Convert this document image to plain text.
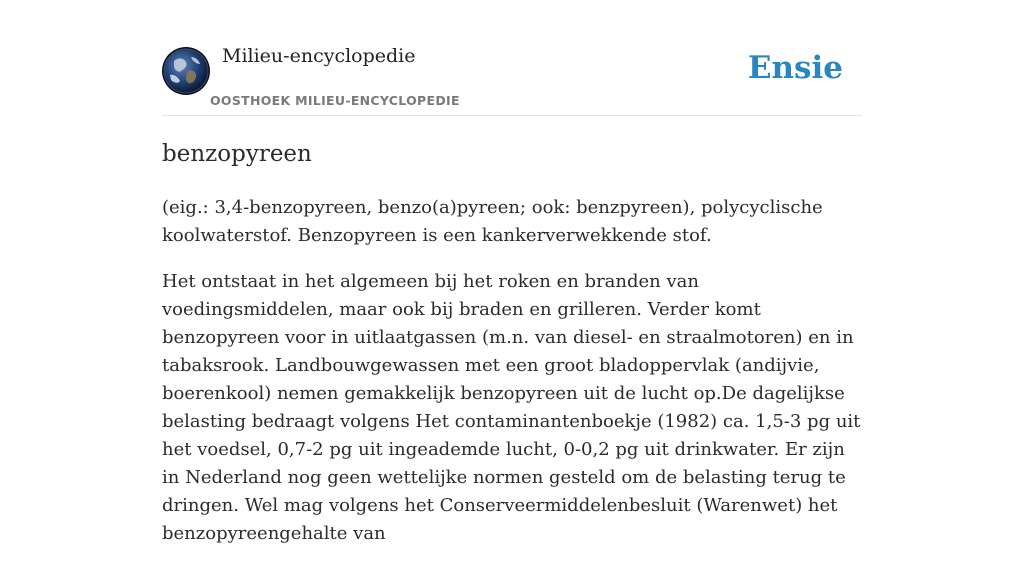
Milieu-encyclopedie
OOSTHOEK MILIEU-ENCYCLOPEDIE
Ensie
benzopyreen

(eig.: 3,4-benzopyreen, benzo(a)pyreen; ook: benzpyreen), polycyclische koolwaterstof. Benzopyreen is een kankerverwekkende stof.

Het ontstaat in het algemeen bij het roken en branden van voedingsmiddelen, maar ook bij braden en grilleren. Verder komt benzopyreen voor in uitlaatgassen (m.n. van diesel- en straalmotoren) en in tabaksrook. Landbouwgewassen met een groot bladoppervlak (andijvie, boerenkool) nemen gemakkelijk benzopyreen uit de lucht op.De dagelijkse belasting bedraagt volgens Het contaminantenboekje (1982) ca. 1,5-3 pg uit het voedsel, 0,7-2 pg uit ingeademde lucht, 0-0,2 pg uit drinkwater. Er zijn in Nederland nog geen wettelijke normen gesteld om de belasting terug te dringen. Wel mag volgens het Conserveermiddelenbesluit (Warenwet) het benzopyreengehalte van
